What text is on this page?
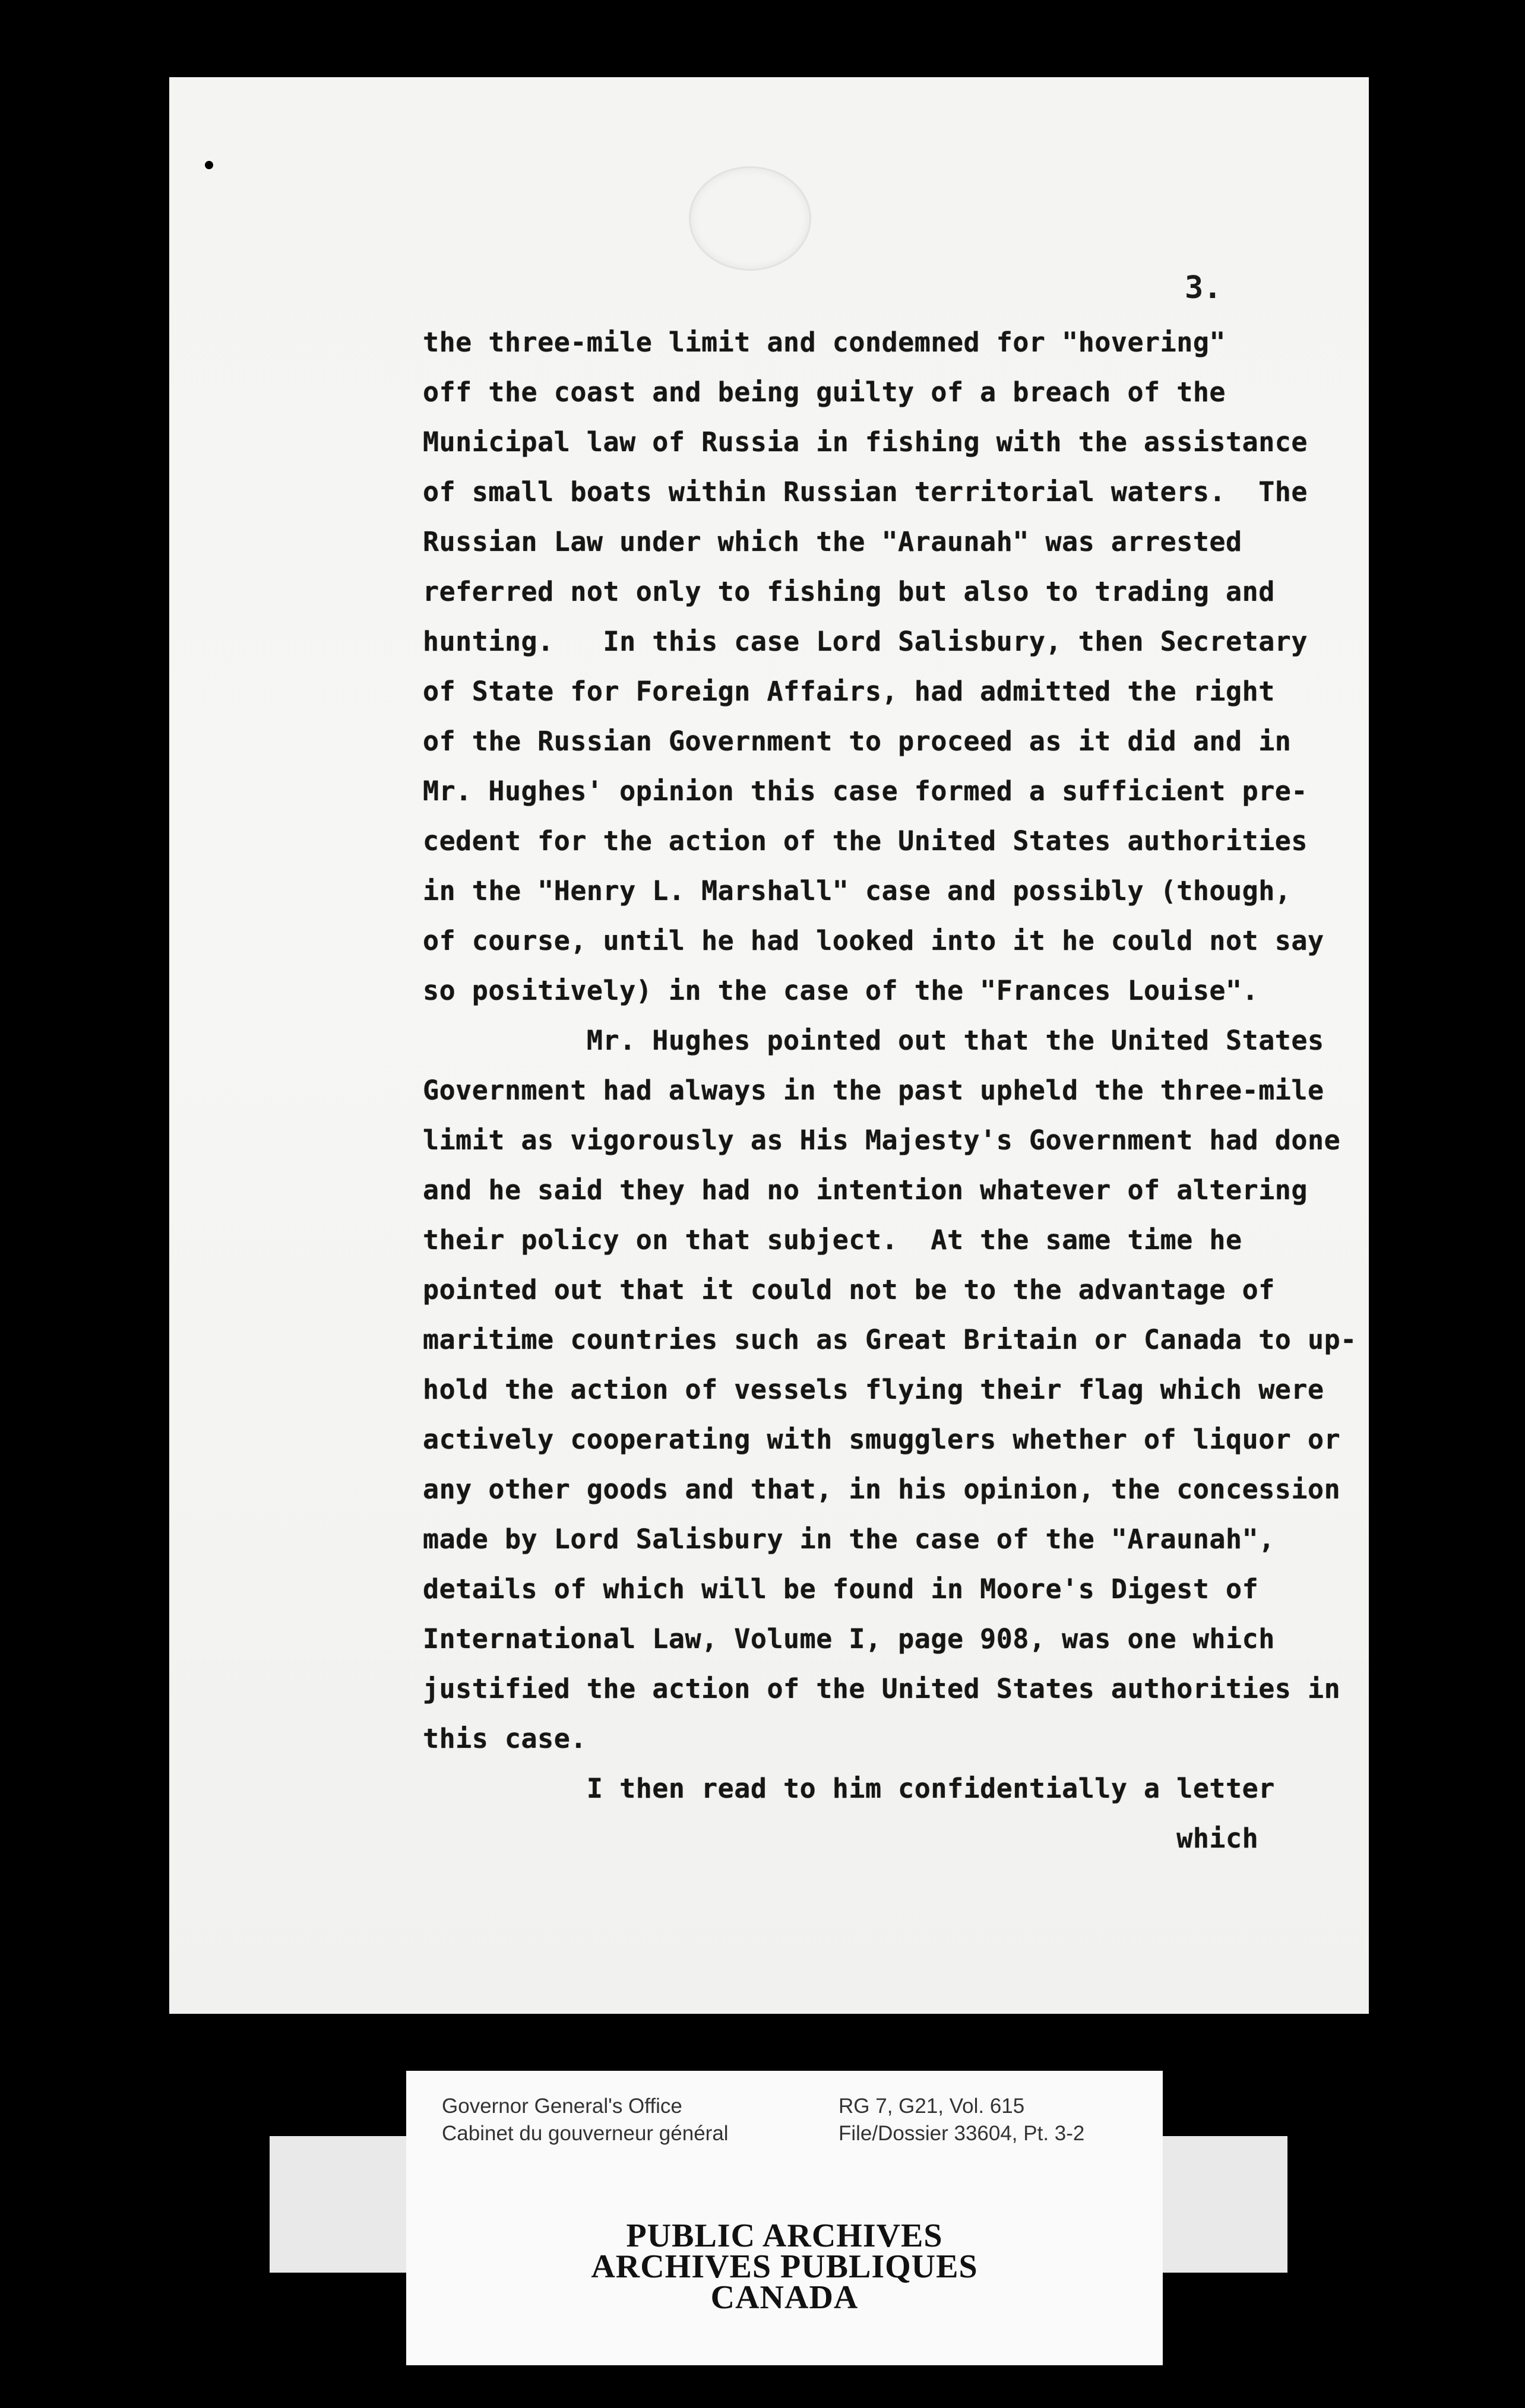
3.
the three-mile limit and condemned for "hovering"
off the coast and being guilty of a breach of the
Municipal law of Russia in fishing with the assistance
of small boats within Russian territorial waters.  The
Russian Law under which the "Araunah" was arrested
referred not only to fishing but also to trading and
hunting.   In this case Lord Salisbury, then Secretary
of State for Foreign Affairs, had admitted the right
of the Russian Government to proceed as it did and in
Mr. Hughes' opinion this case formed a sufficient pre-
cedent for the action of the United States authorities
in the "Henry L. Marshall" case and possibly (though,
of course, until he had looked into it he could not say
so positively) in the case of the "Frances Louise".
Mr. Hughes pointed out that the United States
Government had always in the past upheld the three-mile
limit as vigorously as His Majesty's Government had done
and he said they had no intention whatever of altering
their policy on that subject.  At the same time he
pointed out that it could not be to the advantage of
maritime countries such as Great Britain or Canada to up-
hold the action of vessels flying their flag which were
actively cooperating with smugglers whether of liquor or
any other goods and that, in his opinion, the concession
made by Lord Salisbury in the case of the "Araunah",
details of which will be found in Moore's Digest of
International Law, Volume I, page 908, was one which
justified the action of the United States authorities in
this case.
I then read to him confidentially a letter
which
Governor General's Office
Cabinet du gouverneur général
RG 7, G21, Vol. 615
File/Dossier 33604, Pt. 3-2
PUBLIC ARCHIVES
ARCHIVES PUBLIQUES
CANADA
